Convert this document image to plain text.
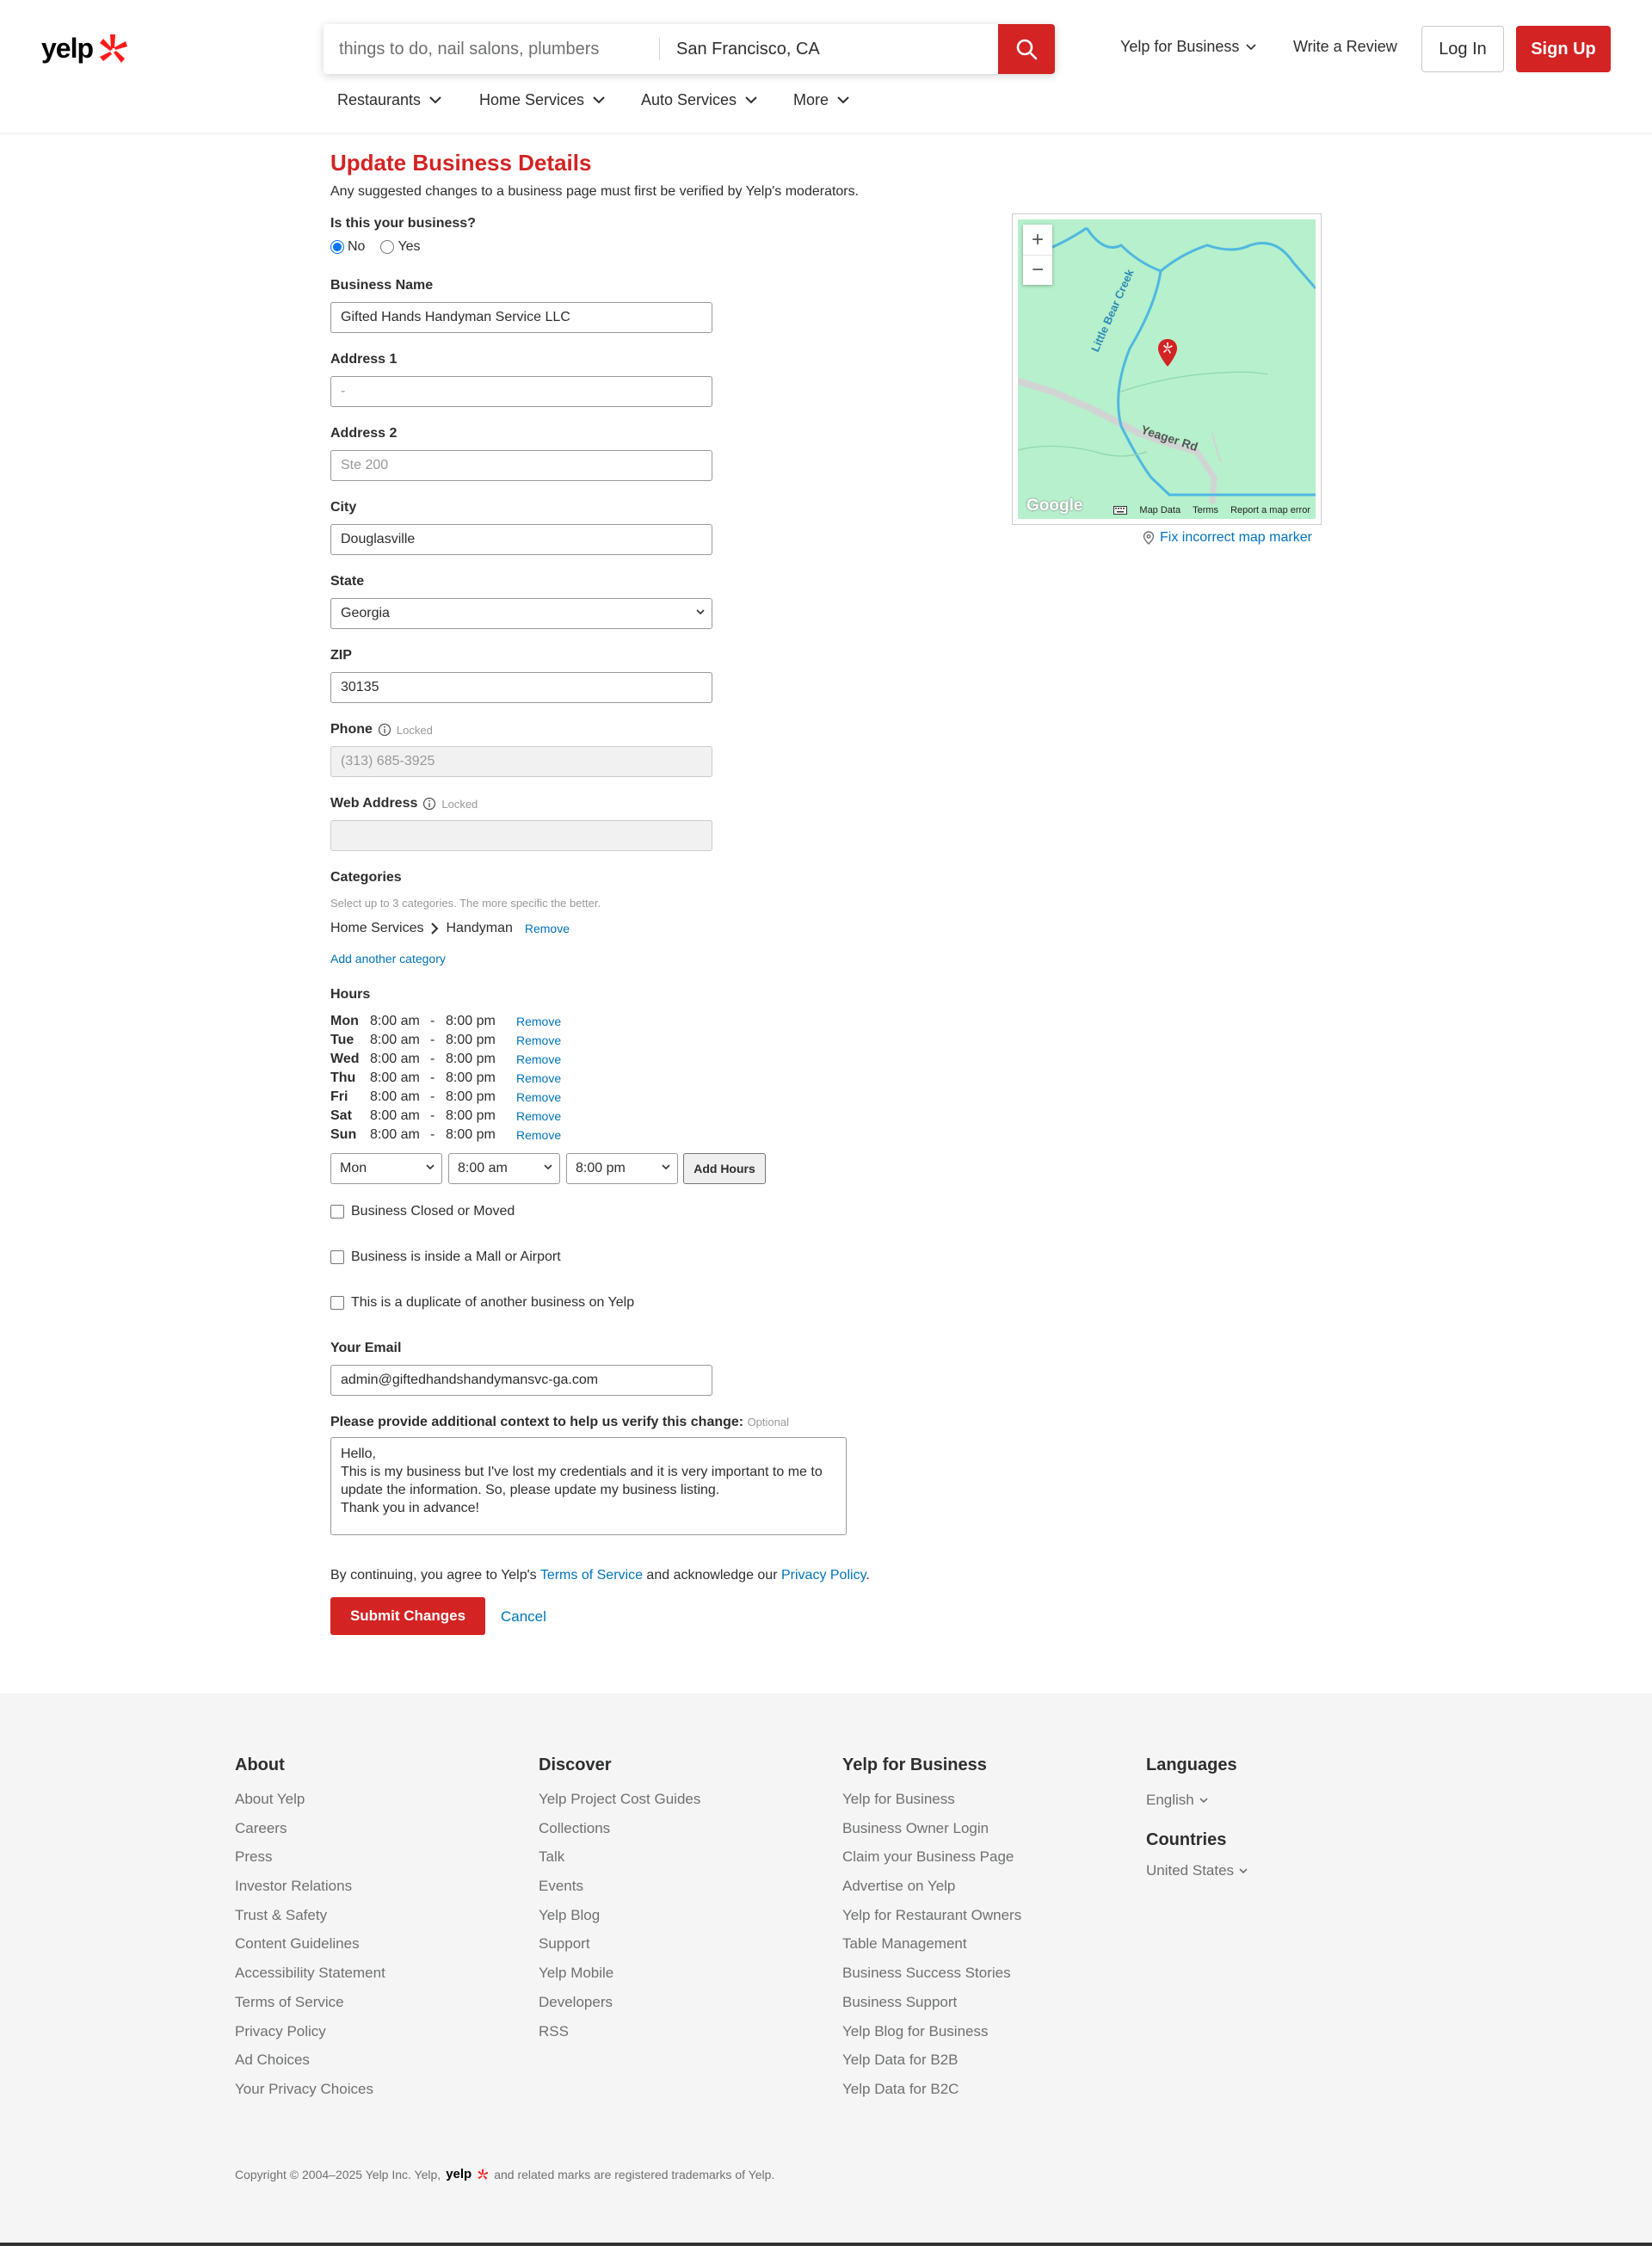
yelp
things to do, nail salons, plumbers
San Francisco, CA	Yelp for Business	Write a Review	Log In	Sign Up
Restaurants	Home Services	Auto Services	More
Update Business Details
Any suggested changes to a business page must first be verified by Yelp's moderators.
Is this your business?
No Yes
Business Name
Gifted Hands Handyman Service LLC
Address 1
-
Address 2
Ste 200
City
Douglasville
State
Georgia
ZIP
30135
Phone Locked
(313) 685-3925
Web Address Locked
Categories
Select up to 3 categories. The more specific the better.
Home Services Handyman Remove
Add another category
Hours
Mon 8:00 am - 8:00 pm	Remove
Tue	8:00 am - 8:00 pm	Remove
Wed 8:00 am - 8:00 pm	Remove
Thu	8:00 am - 8:00 pm	Remove
Fri	8:00 am - 8:00 pm	Remove
Sat	8:00 am - 8:00 pm	Remove
Sun 8:00 am - 8:00 pm	Remove
Mon	8:00 am	8:00 pm	Add Hours
Business Closed or Moved
Business is inside a Mall or Airport
This is a duplicate of another business on Yelp
Your Email
admin@giftedhandshandymansvc-ga.com
Please provide additional context to help us verify this change: Optional
Hello, This is my business but I've lost my credentials and it is very important to me to update the information. So, please update my business listing. Thank you in advance!
By continuing, you agree to Yelp's Terms of Service and acknowledge our Privacy Policy.
Submit Changes	Cancel
Little Bear Creek
Yeager Rd
+
−
Google	Map Data Terms Report a map error
Fix incorrect map marker
About
About Yelp
Careers
Press
Investor Relations
Trust & Safety
Content Guidelines
Accessibility Statement
Terms of Service
Privacy Policy
Ad Choices
Your Privacy Choices
Discover
Yelp Project Cost Guides
Collections
Talk
Events
Yelp Blog
Support
Yelp Mobile
Developers
RSS
Yelp for Business
Yelp for Business
Business Owner Login
Claim your Business Page
Advertise on Yelp
Yelp for Restaurant Owners
Table Management
Business Success Stories
Business Support
Yelp Blog for Business
Yelp Data for B2B
Yelp Data for B2C
Languages
English
Countries
United States
Copyright © 2004–2025 Yelp Inc. Yelp, yelp and related marks are registered trademarks of Yelp.
